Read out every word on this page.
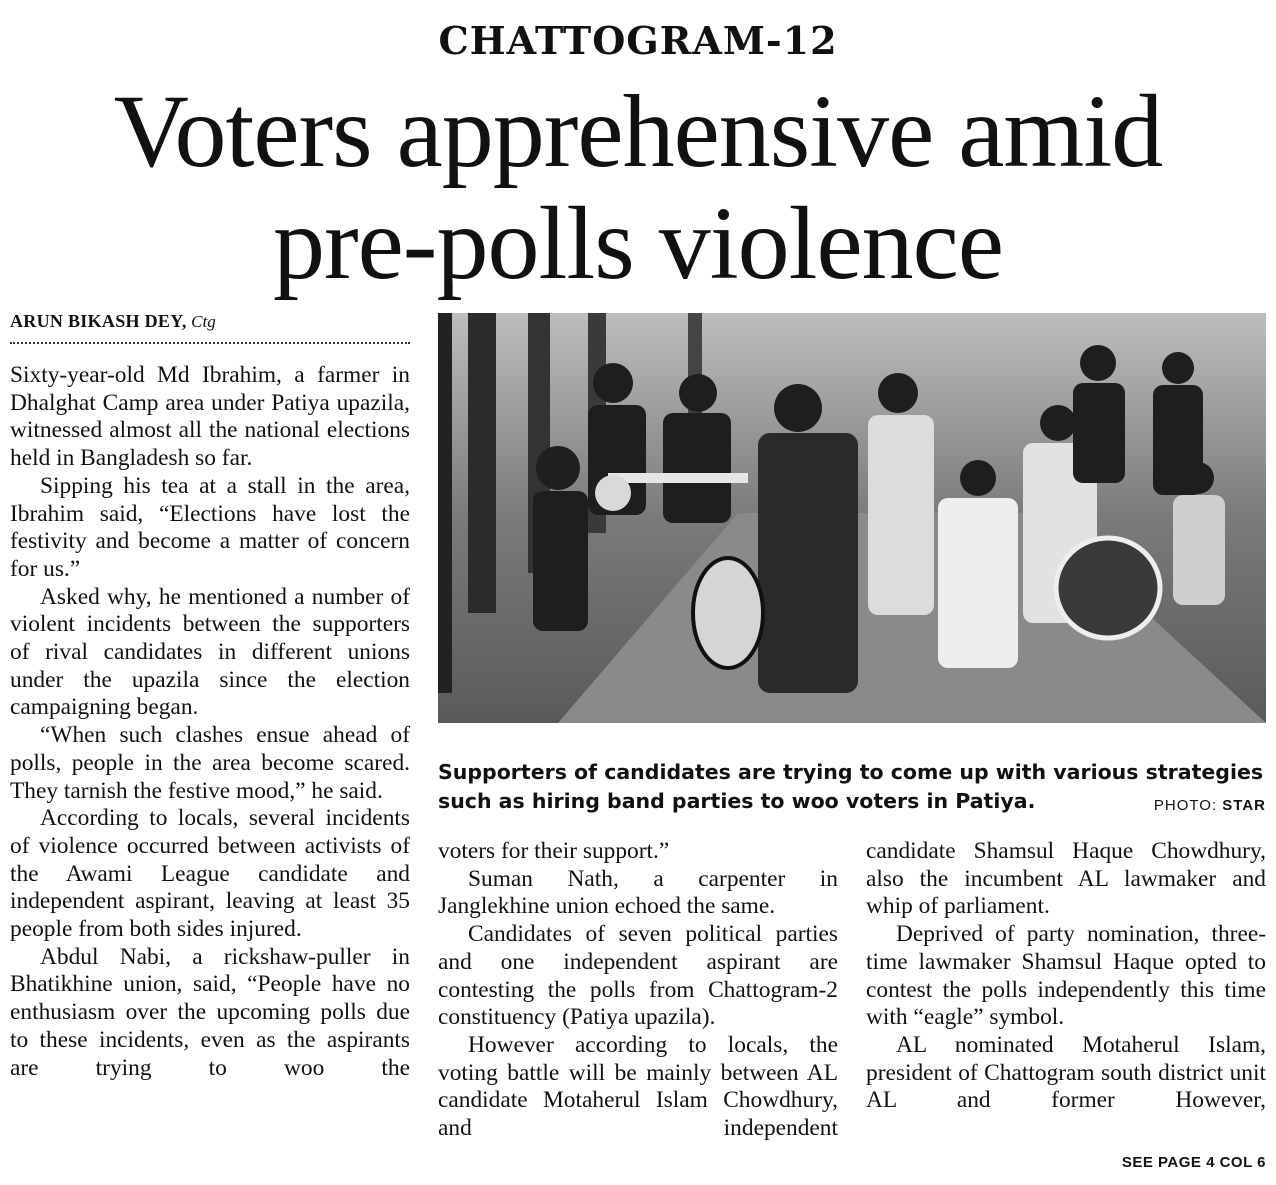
CHATTOGRAM-12
Voters apprehensive amid
pre-polls violence
ARUN BIKASH DEY, Ctg

Sixty-year-old Md Ibrahim, a farmer in Dhalghat Camp area under Patiya upazila, witnessed almost all the national elections held in Bangladesh so far.

Sipping his tea at a stall in the area, Ibrahim said, “Elections have lost the festivity and become a matter of concern for us.”

Asked why, he mentioned a number of violent incidents between the supporters of rival candidates in different unions under the upazila since the election campaigning began.

“When such clashes ensue ahead of polls, people in the area become scared. They tarnish the festive mood,” he said.

According to locals, several incidents of violence occurred between activists of the Awami League candidate and independent aspirant, leaving at least 35 people from both sides injured.

Abdul Nabi, a rickshaw-puller in Bhatikhine union, said, “People have no enthusiasm over the upcoming polls due to these incidents, even as the aspirants are trying to woo the

Supporters of candidates are trying to come up with various strategies
such as hiring band parties to woo voters in Patiya.	PHOTO: STAR

voters for their support.”

Suman Nath, a carpenter in Janglekhine union echoed the same.

Candidates of seven political parties and one independent aspirant are contesting the polls from Chattogram-2 constituency (Patiya upazila).

However according to locals, the voting battle will be mainly between AL candidate Motaherul Islam Chowdhury, and independent

candidate Shamsul Haque Chowdhury, also the incumbent AL lawmaker and whip of parliament.

Deprived of party nomination, three-time lawmaker Shamsul Haque opted to contest the polls independently this time with “eagle” symbol.

AL nominated Motaherul Islam, president of Chattogram south district unit AL and former However,

SEE PAGE 4 COL 6
